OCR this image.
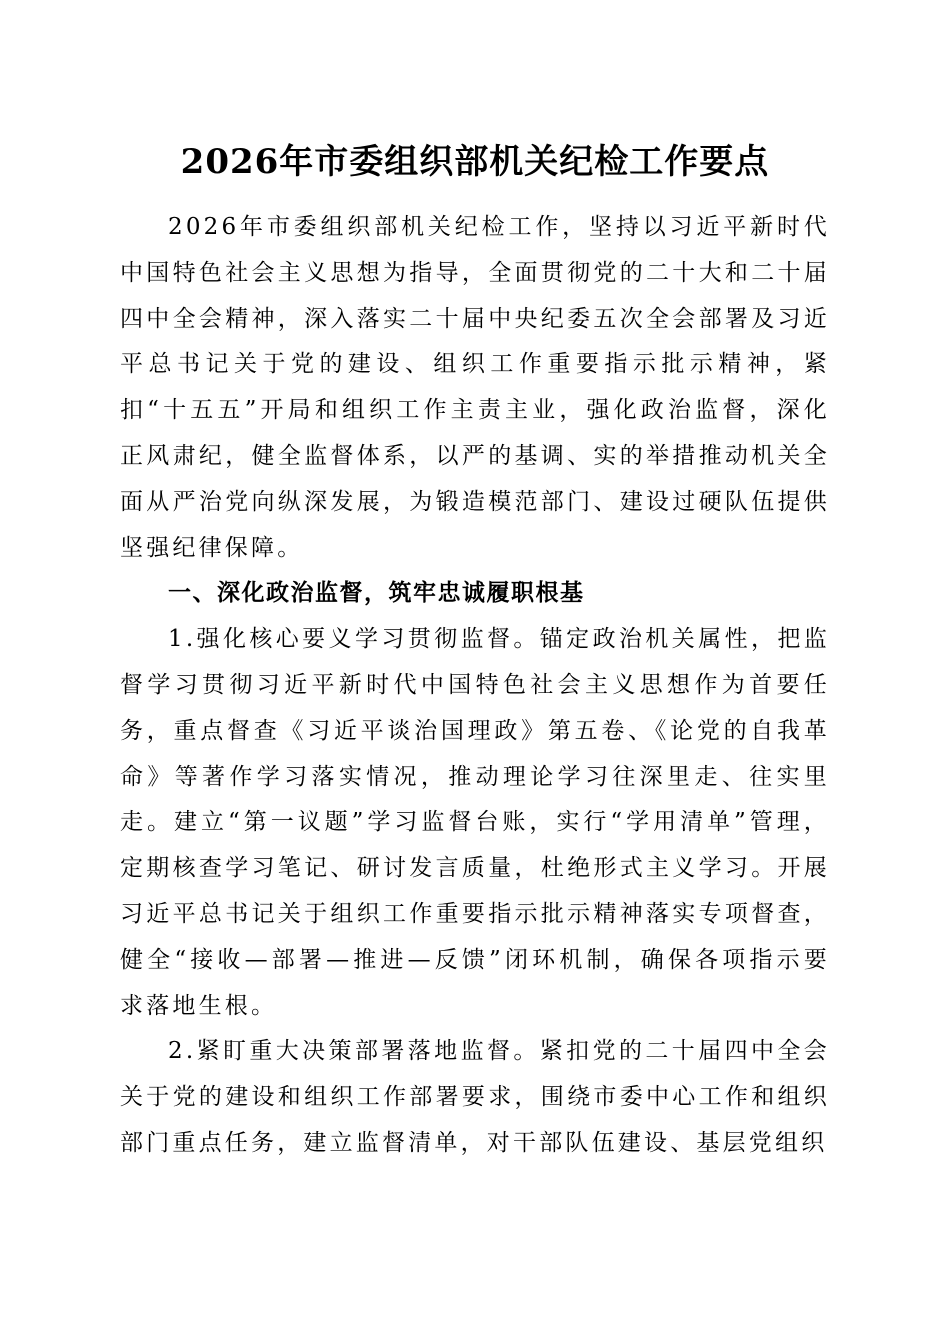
2026年市委组织部机关纪检工作要点

2026年市委组织部机关纪检工作，坚持以习近平新时代中国特色社会主义思想为指导，全面贯彻党的二十大和二十届四中全会精神，深入落实二十届中央纪委五次全会部署及习近平总书记关于党的建设、组织工作重要指示批示精神，紧扣“十五五”开局和组织工作主责主业，强化政治监督，深化正风肃纪，健全监督体系，以严的基调、实的举措推动机关全面从严治党向纵深发展，为锻造模范部门、建设过硬队伍提供坚强纪律保障。

一、深化政治监督，筑牢忠诚履职根基

1.强化核心要义学习贯彻监督。锚定政治机关属性，把监督学习贯彻习近平新时代中国特色社会主义思想作为首要任务，重点督查《习近平谈治国理政》第五卷、《论党的自我革命》等著作学习落实情况，推动理论学习往深里走、往实里走。建立“第一议题”学习监督台账，实行“学用清单”管理，定期核查学习笔记、研讨发言质量，杜绝形式主义学习。开展习近平总书记关于组织工作重要指示批示精神落实专项督查，健全“接收—部署—推进—反馈”闭环机制，确保各项指示要求落地生根。

2.紧盯重大决策部署落地监督。紧扣党的二十届四中全会关于党的建设和组织工作部署要求，围绕市委中心工作和组织部门重点任务，建立监督清单，对干部队伍建设、基层党组织
